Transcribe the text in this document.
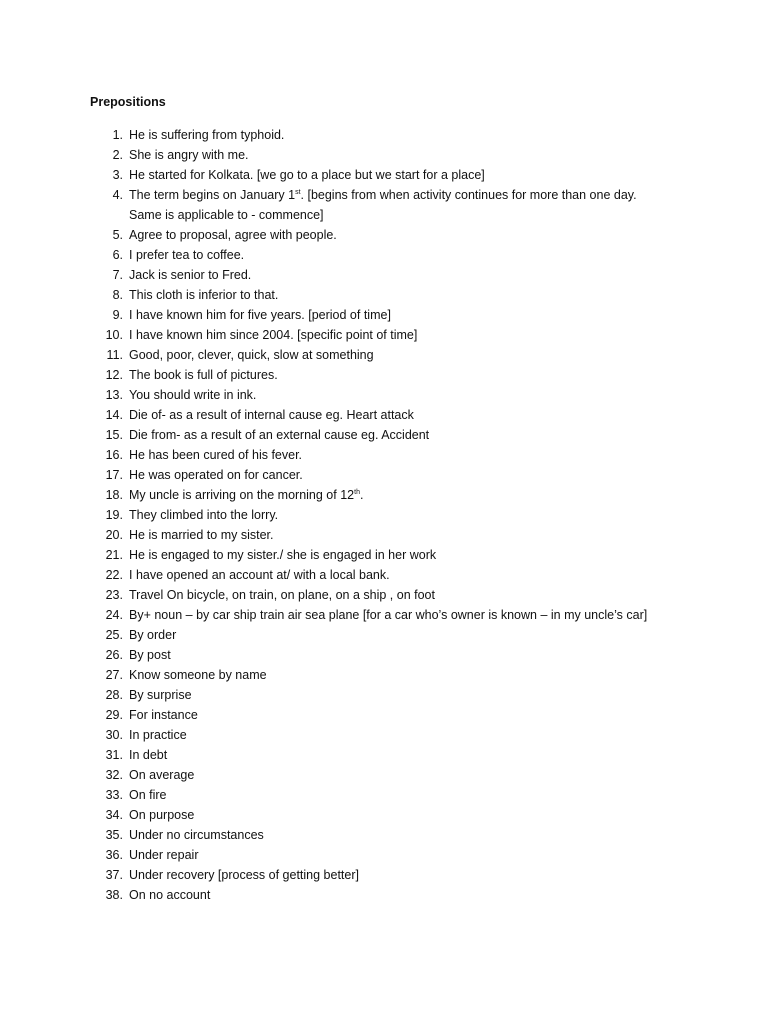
Prepositions
1. He is suffering from typhoid.
2. She is angry with me.
3. He started for Kolkata. [we go to a place but we start for a place]
4. The term begins on January 1st. [begins from when activity continues for more than one day. Same is applicable to - commence]
5. Agree to proposal, agree with people.
6. I prefer tea to coffee.
7. Jack is senior to Fred.
8. This cloth is inferior to that.
9. I have known him for five years. [period of time]
10. I have known him since 2004. [specific point of time]
11. Good, poor, clever, quick, slow at something
12. The book is full of pictures.
13. You should write in ink.
14. Die of- as a result of internal cause eg. Heart attack
15. Die from- as a result of an external cause eg. Accident
16. He has been cured of his fever.
17. He was operated on for cancer.
18. My uncle is arriving on the morning of 12th.
19. They climbed into the lorry.
20. He is married to my sister.
21. He is engaged to my sister./ she is engaged in her work
22. I have opened an account at/ with a local bank.
23. Travel On bicycle, on train, on plane, on a ship , on foot
24. By+ noun – by car ship train air sea plane [for a car who’s owner is known – in my uncle’s car]
25. By order
26. By post
27. Know someone by name
28. By surprise
29. For instance
30. In practice
31. In debt
32. On average
33. On fire
34. On purpose
35. Under no circumstances
36. Under repair
37. Under recovery [process of getting better]
38. On no account
